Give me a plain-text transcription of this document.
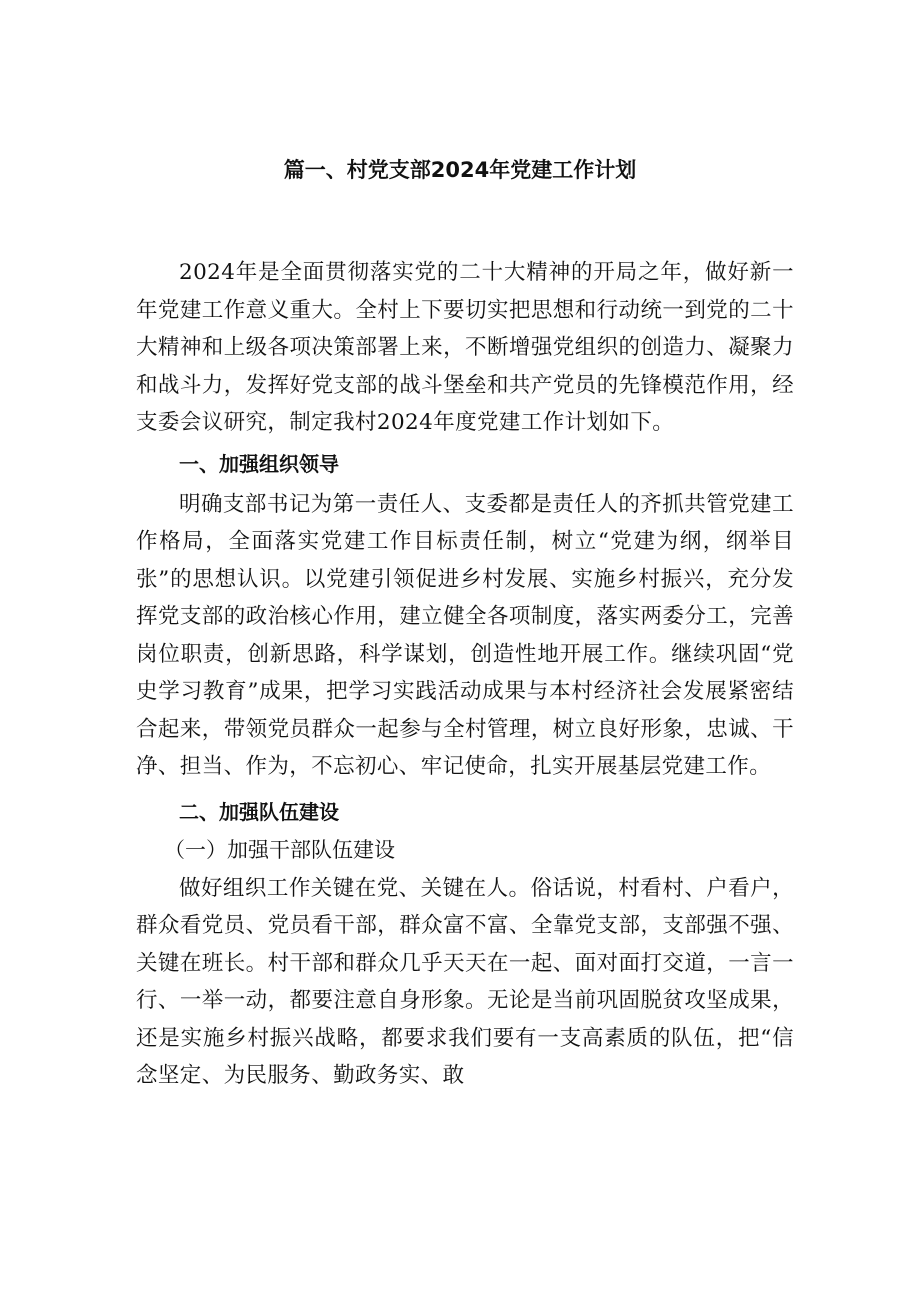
篇一、村党支部2024年党建工作计划

2024年是全面贯彻落实党的二十大精神的开局之年，做好新一年党建工作意义重大。全村上下要切实把思想和行动统一到党的二十大精神和上级各项决策部署上来，不断增强党组织的创造力、凝聚力和战斗力，发挥好党支部的战斗堡垒和共产党员的先锋模范作用，经支委会议研究，制定我村2024年度党建工作计划如下。

一、加强组织领导

明确支部书记为第一责任人、支委都是责任人的齐抓共管党建工作格局，全面落实党建工作目标责任制，树立“党建为纲，纲举目张”的思想认识。以党建引领促进乡村发展、实施乡村振兴，充分发挥党支部的政治核心作用，建立健全各项制度，落实两委分工，完善岗位职责，创新思路，科学谋划，创造性地开展工作。继续巩固“党史学习教育”成果，把学习实践活动成果与本村经济社会发展紧密结合起来，带领党员群众一起参与全村管理，树立良好形象，忠诚、干净、担当、作为，不忘初心、牢记使命，扎实开展基层党建工作。

二、加强队伍建设

（一）加强干部队伍建设

做好组织工作关键在党、关键在人。俗话说，村看村、户看户，群众看党员、党员看干部，群众富不富、全靠党支部，支部强不强、关键在班长。村干部和群众几乎天天在一起、面对面打交道，一言一行、一举一动，都要注意自身形象。无论是当前巩固脱贫攻坚成果，还是实施乡村振兴战略，都要求我们要有一支高素质的队伍，把“信念坚定、为民服务、勤政务实、敢
